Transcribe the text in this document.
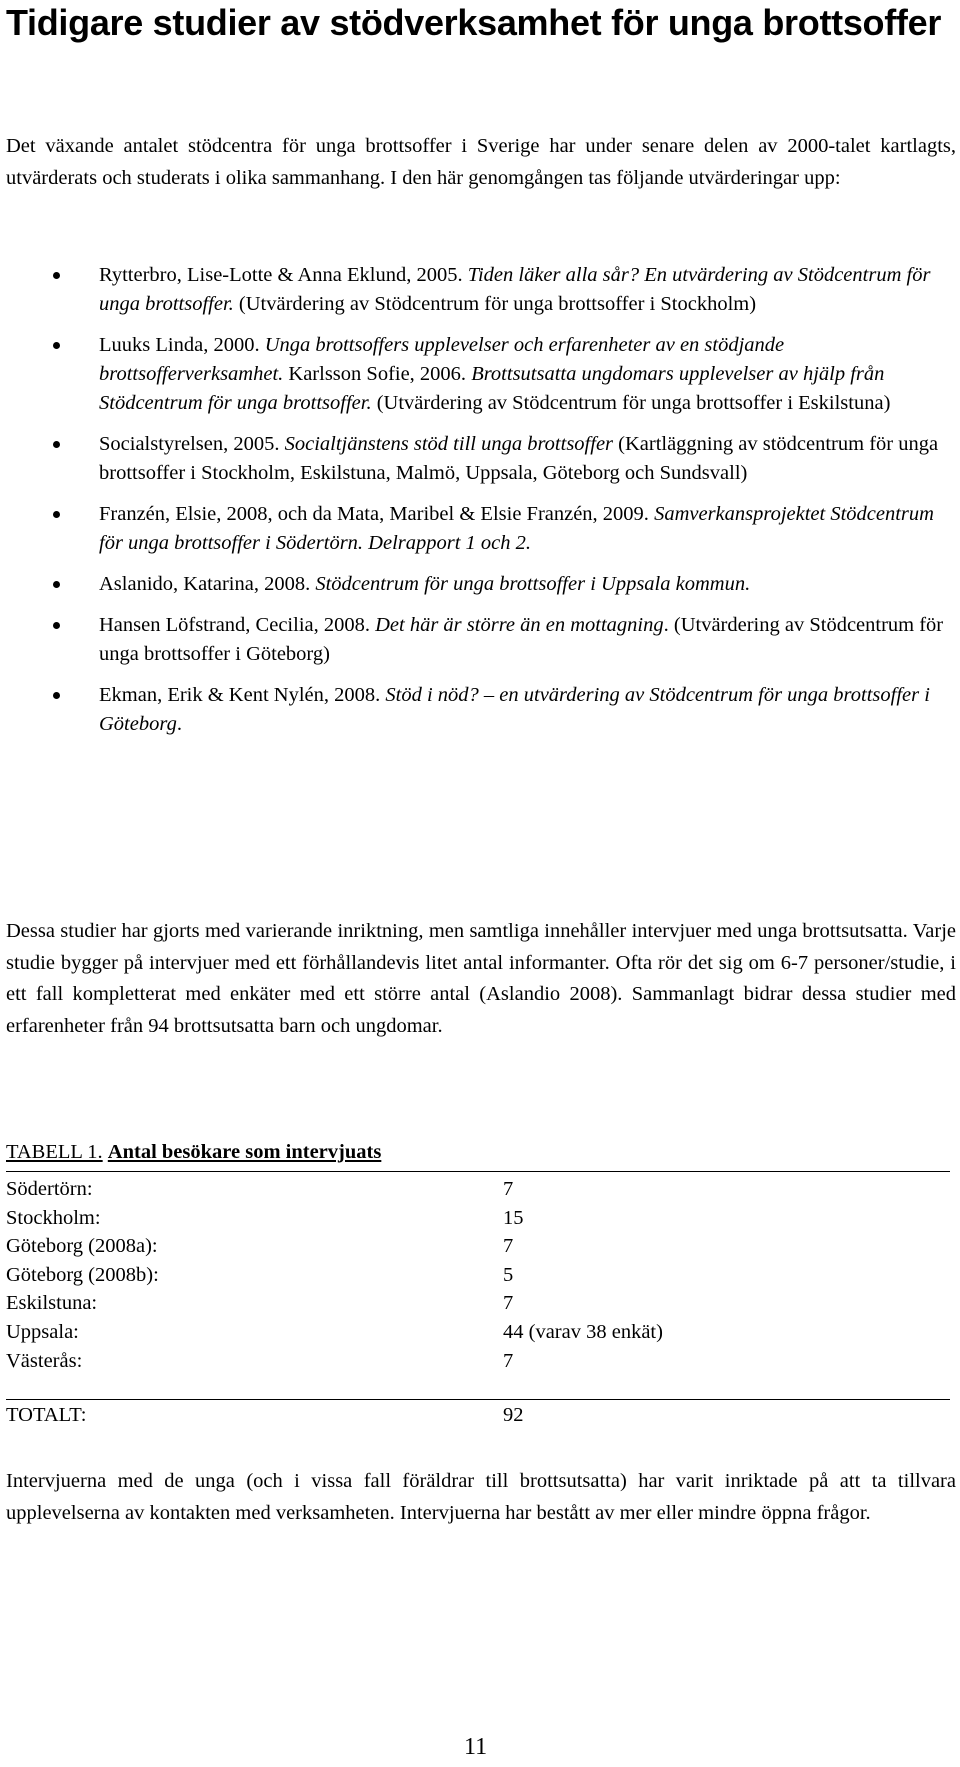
Tidigare studier av stödverksamhet för unga brottsoffer

Det växande antalet stödcentra för unga brottsoffer i Sverige har under senare delen av 2000-talet kartlagts, utvärderats och studerats i olika sammanhang. I den här genomgången tas följande utvärderingar upp:

Rytterbro, Lise-Lotte & Anna Eklund, 2005. Tiden läker alla sår? En utvärdering av Stödcentrum för unga brottsoffer. (Utvärdering av Stödcentrum för unga brottsoffer i Stockholm)
Luuks Linda, 2000. Unga brottsoffers upplevelser och erfarenheter av en stödjande brottsofferverksamhet. Karlsson Sofie, 2006. Brottsutsatta ungdomars upplevelser av hjälp från Stödcentrum för unga brottsoffer. (Utvärdering av Stödcentrum för unga brottsoffer i Eskilstuna)
Socialstyrelsen, 2005. Socialtjänstens stöd till unga brottsoffer (Kartläggning av stödcentrum för unga brottsoffer i Stockholm, Eskilstuna, Malmö, Uppsala, Göteborg och Sundsvall)
Franzén, Elsie, 2008, och da Mata, Maribel & Elsie Franzén, 2009. Samverkansprojektet Stödcentrum för unga brottsoffer i Södertörn. Delrapport 1 och 2.
Aslanido, Katarina, 2008. Stödcentrum för unga brottsoffer i Uppsala kommun.
Hansen Löfstrand, Cecilia, 2008. Det här är större än en mottagning. (Utvärdering av Stödcentrum för unga brottsoffer i Göteborg)
Ekman, Erik & Kent Nylén, 2008. Stöd i nöd? – en utvärdering av Stödcentrum för unga brottsoffer i Göteborg.

Dessa studier har gjorts med varierande inriktning, men samtliga innehåller intervjuer med unga brottsutsatta. Varje studie bygger på intervjuer med ett förhållandevis litet antal informanter. Ofta rör det sig om 6-7 personer/studie, i ett fall kompletterat med enkäter med ett större antal (Aslandio 2008). Sammanlagt bidrar dessa studier med erfarenheter från 94 brottsutsatta barn och ungdomar.

TABELL 1. Antal besökare som intervjuats

Södertörn:	7
Stockholm:	15
Göteborg (2008a):	7
Göteborg (2008b):	5
Eskilstuna:	7
Uppsala:	44 (varav 38 enkät)
Västerås:	7
TOTALT:	92

Intervjuerna med de unga (och i vissa fall föräldrar till brottsutsatta) har varit inriktade på att ta tillvara upplevelserna av kontakten med verksamheten. Intervjuerna har bestått av mer eller mindre öppna frågor.

11
